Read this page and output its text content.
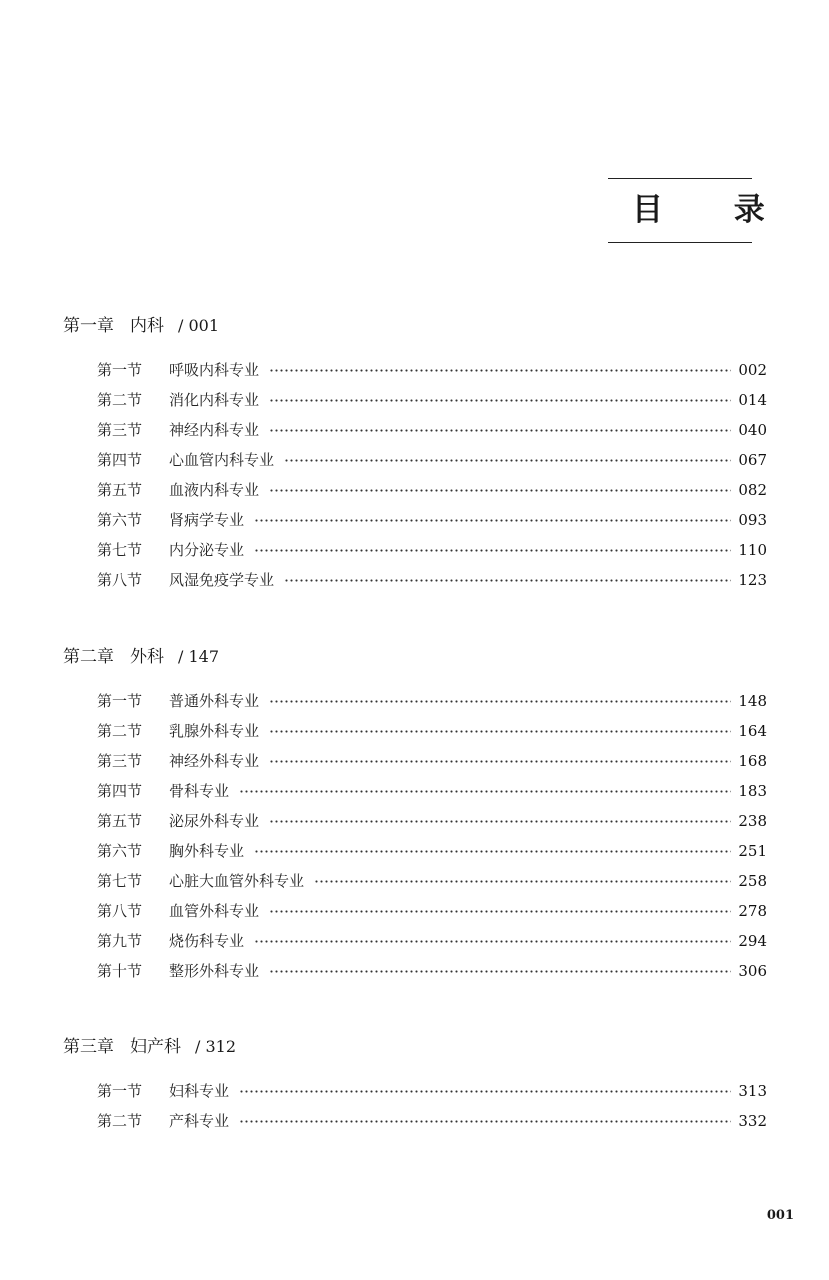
目 录
第一章 内科 / 001
第一节	呼吸内科专业	002
第二节	消化内科专业	014
第三节	神经内科专业	040
第四节	心血管内科专业	067
第五节	血液内科专业	082
第六节	肾病学专业	093
第七节	内分泌专业	110
第八节	风湿免疫学专业	123
第二章 外科 / 147
第一节	普通外科专业	148
第二节	乳腺外科专业	164
第三节	神经外科专业	168
第四节	骨科专业	183
第五节	泌尿外科专业	238
第六节	胸外科专业	251
第七节	心脏大血管外科专业	258
第八节	血管外科专业	278
第九节	烧伤科专业	294
第十节	整形外科专业	306
第三章 妇产科 / 312
第一节	妇科专业	313
第二节	产科专业	332
001
